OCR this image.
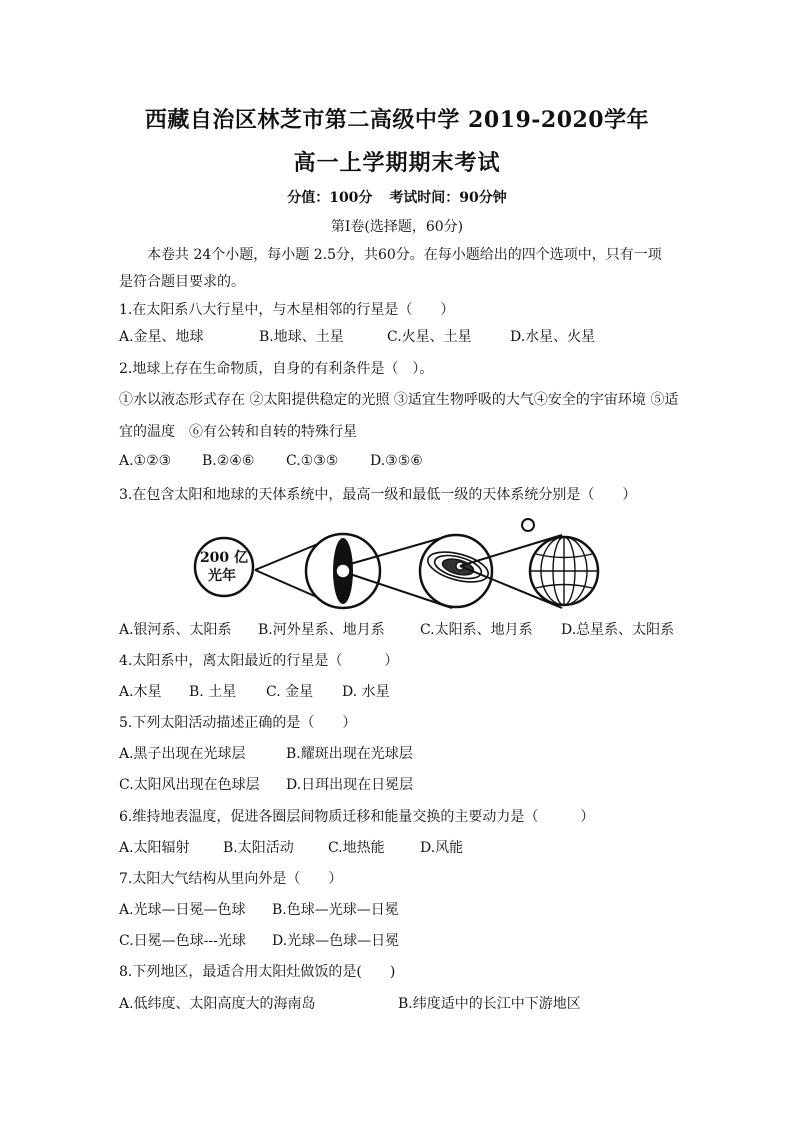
西藏自治区林芝市第二高级中学 2019-2020学年
高一上学期期末考试
分值：100分 考试时间：90分钟
第Ⅰ卷(选择题，60分)
本卷共 24个小题，每小题 2.5分，共60分。在每小题给出的四个选项中，只有一项
是符合题目要求的。
1.在太阳系八大行星中，与木星相邻的行星是（　　）
A.金星、地球	B.地球、土星	C.火星、土星	D.水星、火星
2.地球上存在生命物质，自身的有利条件是（　）。
①水以液态形式存在 ②太阳提供稳定的光照 ③适宜生物呼吸的大气④安全的宇宙环境 ⑤适
宜的温度　⑥有公转和自转的特殊行星
A.①②③ B.②④⑥ C.①③⑤ D.③⑤⑥
3.在包含太阳和地球的天体系统中，最高一级和最低一级的天体系统分别是（　　）
200 亿
光年
A.银河系、太阳系 B.河外星系、地月系	C.太阳系、地月系 D.总星系、太阳系
4.太阳系中，离太阳最近的行星是（　　　）
A.木星 B. 土星 C. 金星 D. 水星
5.下列太阳活动描述正确的是（　　）
A.黑子出现在光球层	B.耀斑出现在光球层
C.太阳风出现在色球层 D.日珥出现在日冕层
6.维持地表温度，促进各圈层间物质迁移和能量交换的主要动力是（　　　）
A.太阳辐射 B.太阳活动 C.地热能	D.风能
7.太阳大气结构从里向外是（　　）
A.光球—日冕—色球 B.色球—光球—日冕
C.日冕—色球---光球 D.光球—色球—日冕
8.下列地区，最适合用太阳灶做饭的是(　　)
A.低纬度、太阳高度大的海南岛	B.纬度适中的长江中下游地区
